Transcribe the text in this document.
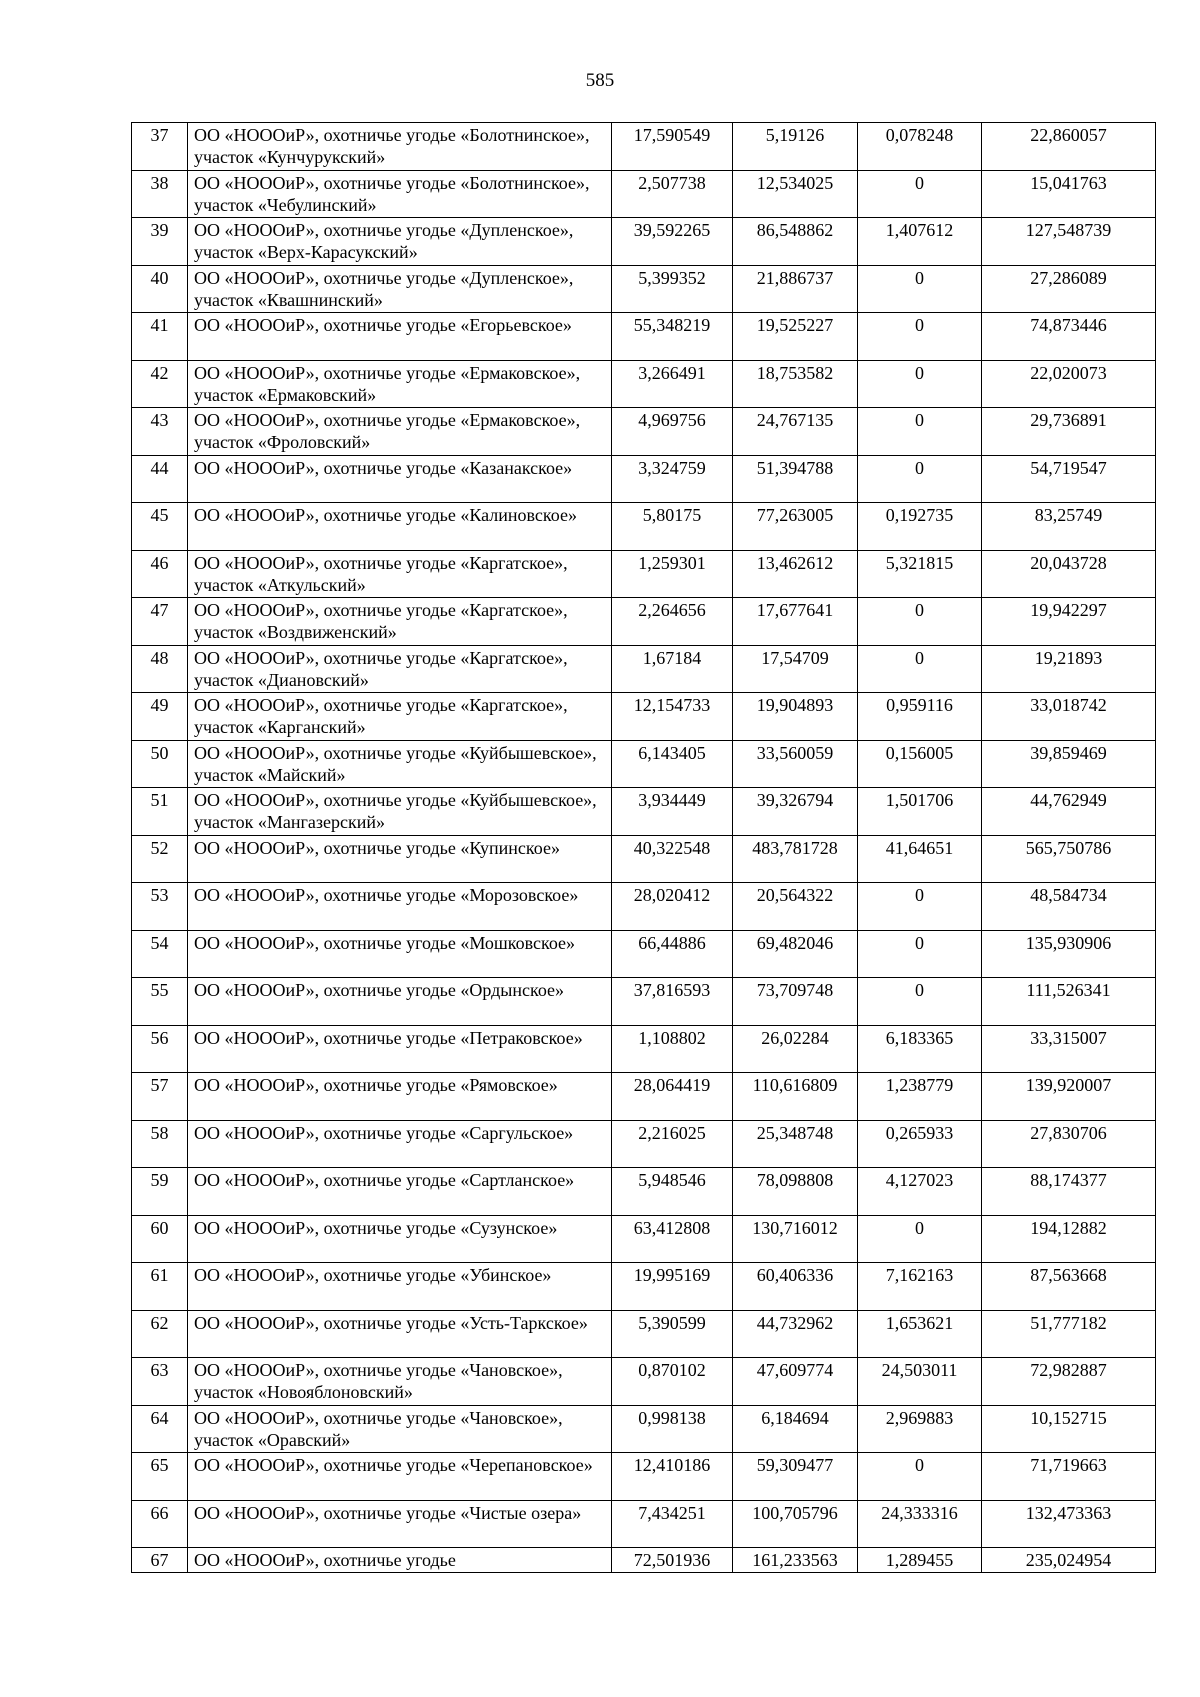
585
37	ОО «НОООиР», охотничье угодье «Болотнинское», участок «Кунчурукский»	17,590549	5,19126	0,078248	22,860057
38	ОО «НОООиР», охотничье угодье «Болотнинское», участок «Чебулинский»	2,507738	12,534025	0	15,041763
39	ОО «НОООиР», охотничье угодье «Дупленское», участок «Верх-Карасукский»	39,592265	86,548862	1,407612	127,548739
40	ОО «НОООиР», охотничье угодье «Дупленское», участок «Квашнинский»	5,399352	21,886737	0	27,286089
41	ОО «НОООиР», охотничье угодье «Егорьевское»	55,348219	19,525227	0	74,873446
42	ОО «НОООиР», охотничье угодье «Ермаковское», участок «Ермаковский»	3,266491	18,753582	0	22,020073
43	ОО «НОООиР», охотничье угодье «Ермаковское», участок «Фроловский»	4,969756	24,767135	0	29,736891
44	ОО «НОООиР», охотничье угодье «Казанакское»	3,324759	51,394788	0	54,719547
45	ОО «НОООиР», охотничье угодье «Калиновское»	5,80175	77,263005	0,192735	83,25749
46	ОО «НОООиР», охотничье угодье «Каргатское», участок «Аткульский»	1,259301	13,462612	5,321815	20,043728
47	ОО «НОООиР», охотничье угодье «Каргатское», участок «Воздвиженский»	2,264656	17,677641	0	19,942297
48	ОО «НОООиР», охотничье угодье «Каргатское», участок «Диановский»	1,67184	17,54709	0	19,21893
49	ОО «НОООиР», охотничье угодье «Каргатское», участок «Карганский»	12,154733	19,904893	0,959116	33,018742
50	ОО «НОООиР», охотничье угодье «Куйбышевское», участок «Майский»	6,143405	33,560059	0,156005	39,859469
51	ОО «НОООиР», охотничье угодье «Куйбышевское», участок «Мангазерский»	3,934449	39,326794	1,501706	44,762949
52	ОО «НОООиР», охотничье угодье «Купинское»	40,322548	483,781728	41,64651	565,750786
53	ОО «НОООиР», охотничье угодье «Морозовское»	28,020412	20,564322	0	48,584734
54	ОО «НОООиР», охотничье угодье «Мошковское»	66,44886	69,482046	0	135,930906
55	ОО «НОООиР», охотничье угодье «Ордынское»	37,816593	73,709748	0	111,526341
56	ОО «НОООиР», охотничье угодье «Петраковское»	1,108802	26,02284	6,183365	33,315007
57	ОО «НОООиР», охотничье угодье «Рямовское»	28,064419	110,616809	1,238779	139,920007
58	ОО «НОООиР», охотничье угодье «Саргульское»	2,216025	25,348748	0,265933	27,830706
59	ОО «НОООиР», охотничье угодье «Сартланское»	5,948546	78,098808	4,127023	88,174377
60	ОО «НОООиР», охотничье угодье «Сузунское»	63,412808	130,716012	0	194,12882
61	ОО «НОООиР», охотничье угодье «Убинское»	19,995169	60,406336	7,162163	87,563668
62	ОО «НОООиР», охотничье угодье «Усть-Таркское»	5,390599	44,732962	1,653621	51,777182
63	ОО «НОООиР», охотничье угодье «Чановское», участок «Новояблоновский»	0,870102	47,609774	24,503011	72,982887
64	ОО «НОООиР», охотничье угодье «Чановское», участок «Оравский»	0,998138	6,184694	2,969883	10,152715
65	ОО «НОООиР», охотничье угодье «Черепановское»	12,410186	59,309477	0	71,719663
66	ОО «НОООиР», охотничье угодье «Чистые озера»	7,434251	100,705796	24,333316	132,473363
67	ОО «НОООиР», охотничье угодье	72,501936	161,233563	1,289455	235,024954
